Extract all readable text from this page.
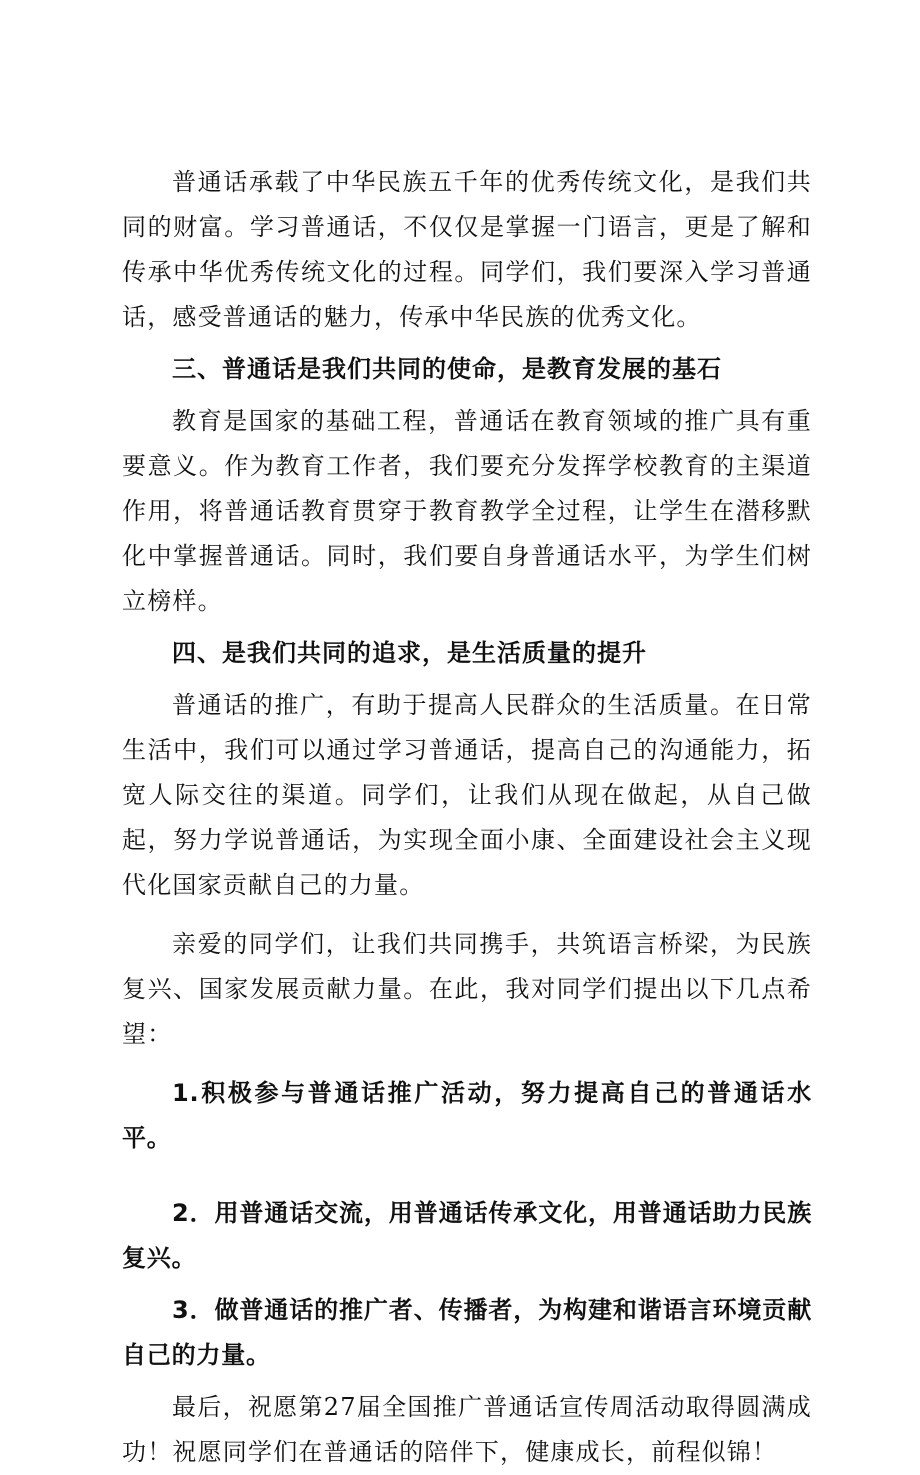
普通话承载了中华民族五千年的优秀传统文化，是我们共同的财富。学习普通话，不仅仅是掌握一门语言，更是了解和传承中华优秀传统文化的过程。同学们，我们要深入学习普通话，感受普通话的魅力，传承中华民族的优秀文化。

三、普通话是我们共同的使命，是教育发展的基石

教育是国家的基础工程，普通话在教育领域的推广具有重要意义。作为教育工作者，我们要充分发挥学校教育的主渠道作用，将普通话教育贯穿于教育教学全过程，让学生在潜移默化中掌握普通话。同时，我们要自身普通话水平，为学生们树立榜样。

四、是我们共同的追求，是生活质量的提升

普通话的推广，有助于提高人民群众的生活质量。在日常生活中，我们可以通过学习普通话，提高自己的沟通能力，拓宽人际交往的渠道。同学们，让我们从现在做起，从自己做起，努力学说普通话，为实现全面小康、全面建设社会主义现代化国家贡献自己的力量。

亲爱的同学们，让我们共同携手，共筑语言桥梁，为民族复兴、国家发展贡献力量。在此，我对同学们提出以下几点希望：

1.积极参与普通话推广活动，努力提高自己的普通话水平。

2．用普通话交流，用普通话传承文化，用普通话助力民族复兴。

3．做普通话的推广者、传播者，为构建和谐语言环境贡献自己的力量。

最后，祝愿第27届全国推广普通话宣传周活动取得圆满成功！祝愿同学们在普通话的陪伴下，健康成长，前程似锦！
